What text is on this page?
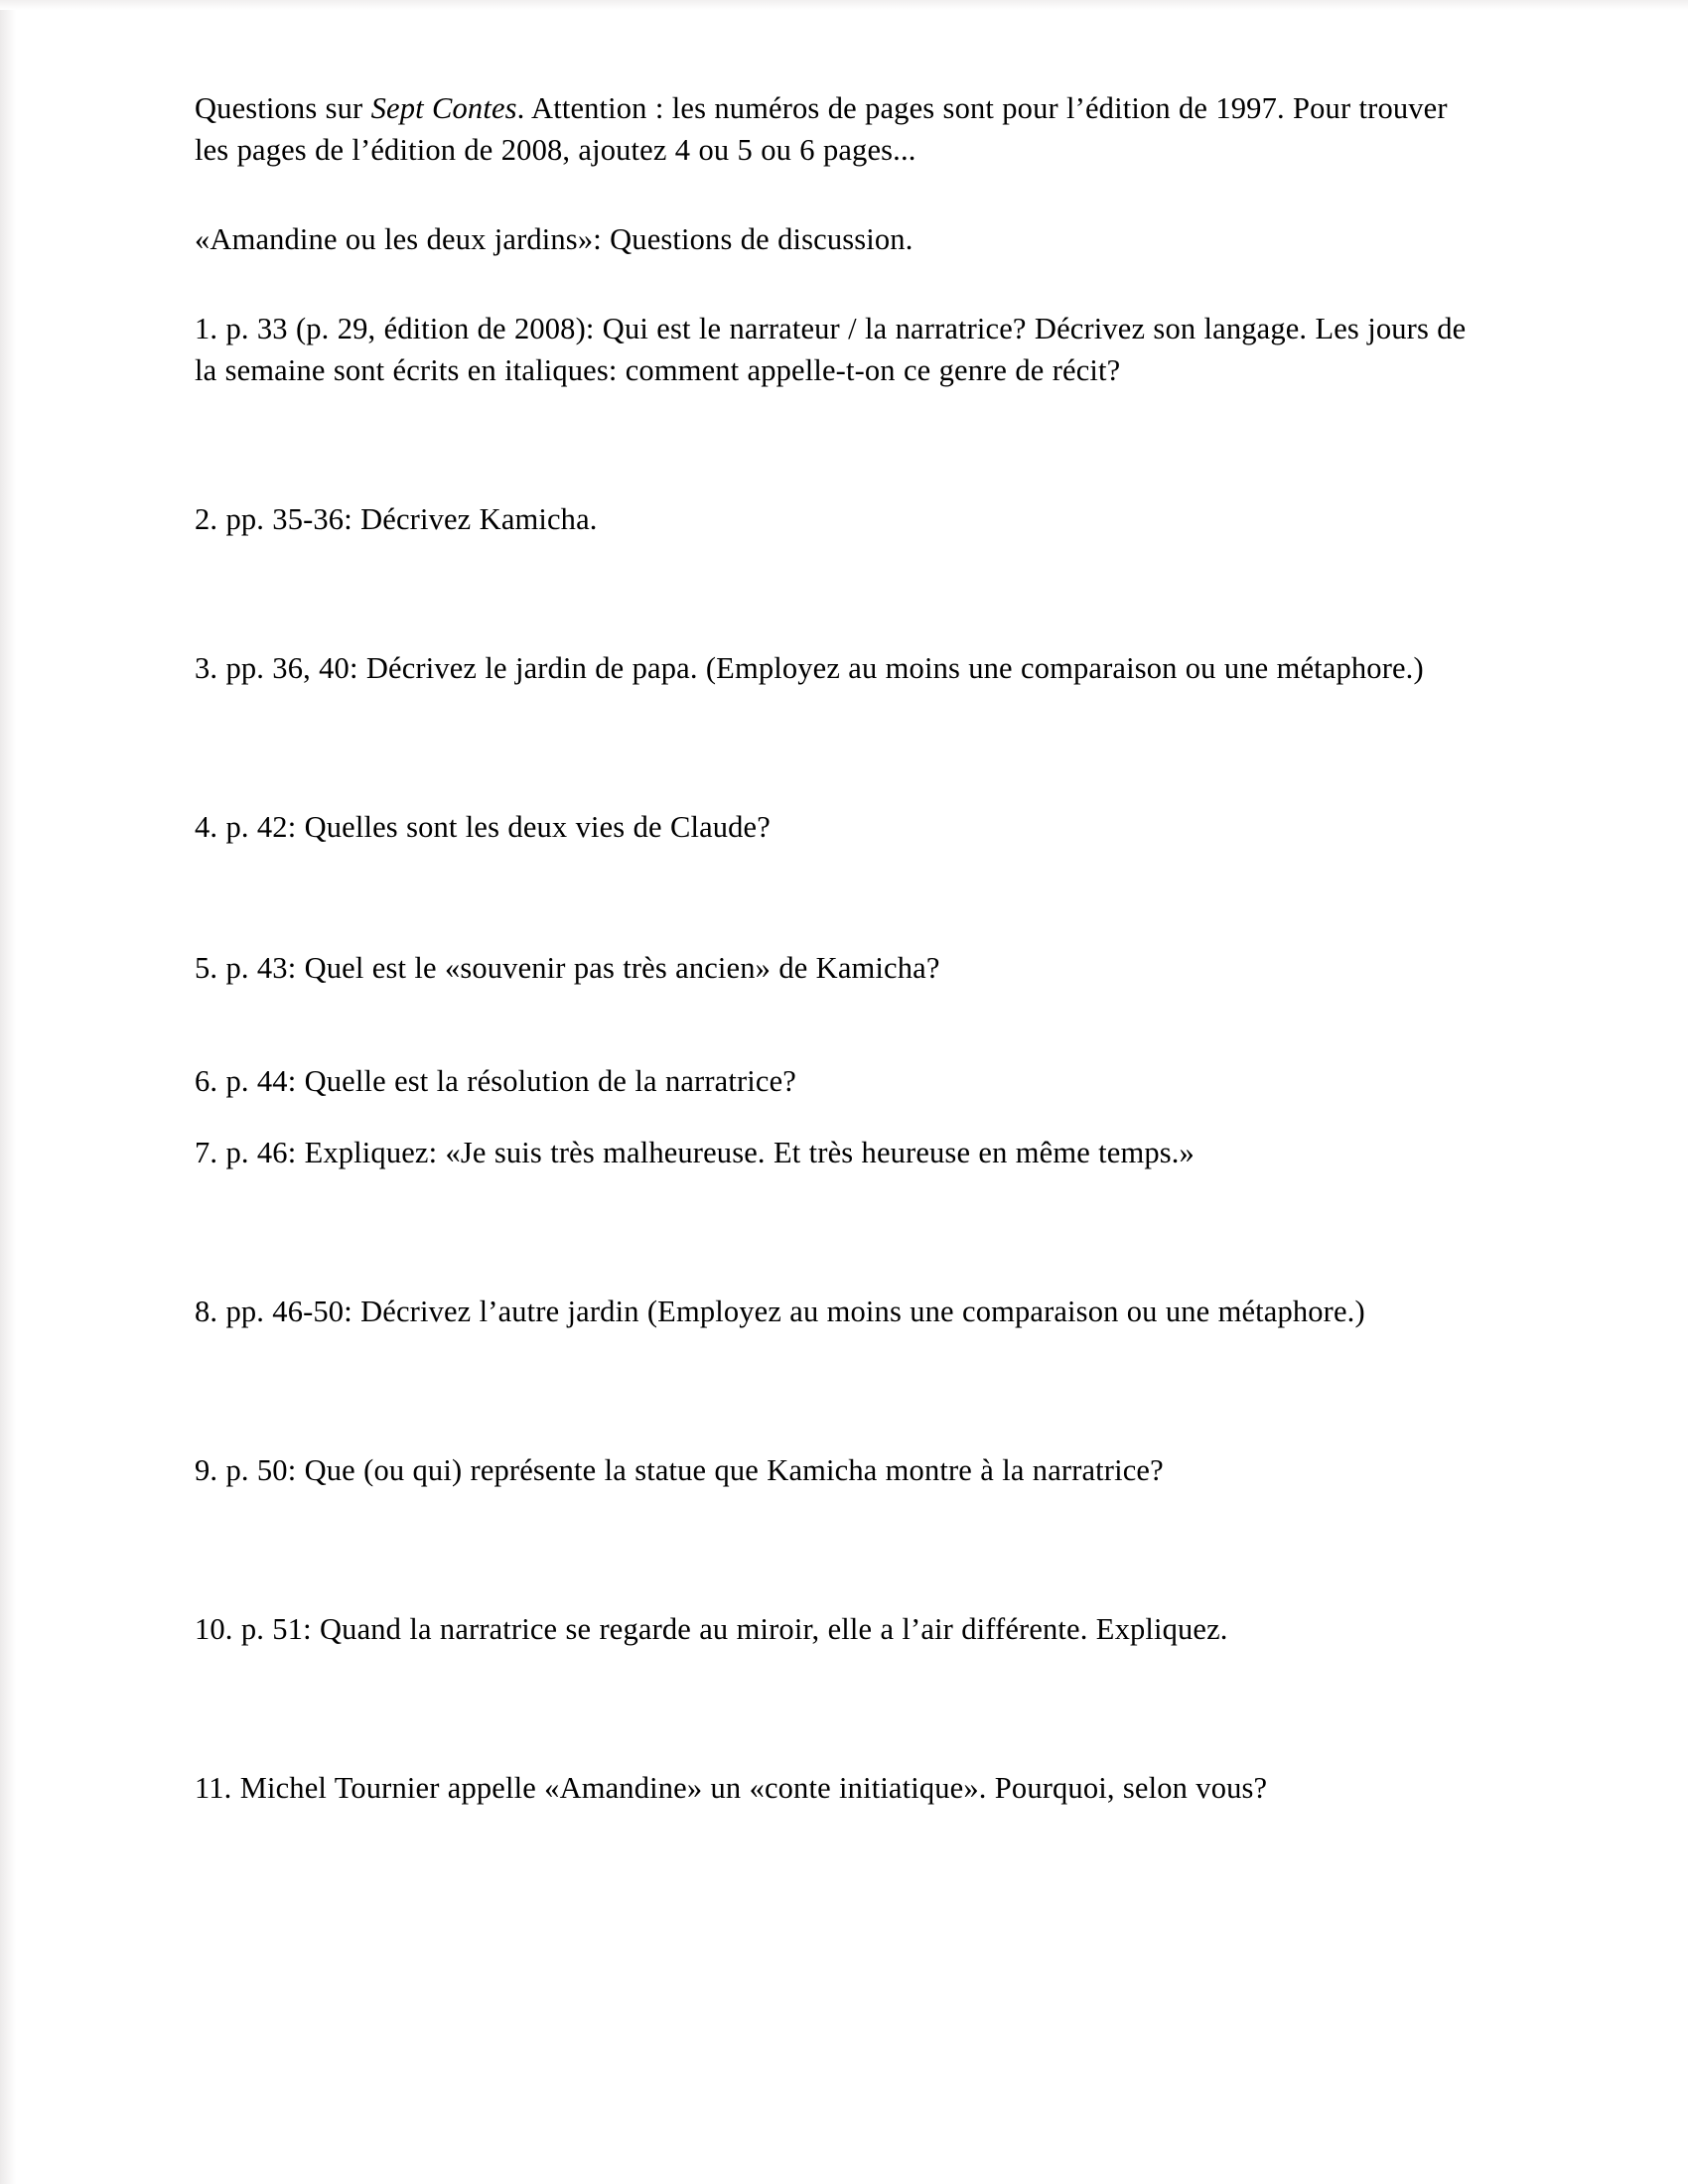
Questions sur Sept Contes. Attention : les numéros de pages sont pour l’édition de 1997. Pour trouver les pages de l’édition de 2008, ajoutez 4 ou 5 ou 6 pages...

«Amandine ou les deux jardins»: Questions de discussion.

1. p. 33 (p. 29, édition de 2008): Qui est le narrateur / la narratrice? Décrivez son langage. Les jours de la semaine sont écrits en italiques: comment appelle-t-on ce genre de récit?

2. pp. 35-36: Décrivez Kamicha.

3. pp. 36, 40: Décrivez le jardin de papa. (Employez au moins une comparaison ou une métaphore.)

4. p. 42: Quelles sont les deux vies de Claude?

5. p. 43: Quel est le «souvenir pas très ancien» de Kamicha?

6. p. 44: Quelle est la résolution de la narratrice?

7. p. 46: Expliquez: «Je suis très malheureuse. Et très heureuse en même temps.»

8. pp. 46-50: Décrivez l’autre jardin (Employez au moins une comparaison ou une métaphore.)

9. p. 50: Que (ou qui) représente la statue que Kamicha montre à la narratrice?

10. p. 51: Quand la narratrice se regarde au miroir, elle a l’air différente. Expliquez.

11. Michel Tournier appelle «Amandine» un «conte initiatique». Pourquoi, selon vous?
